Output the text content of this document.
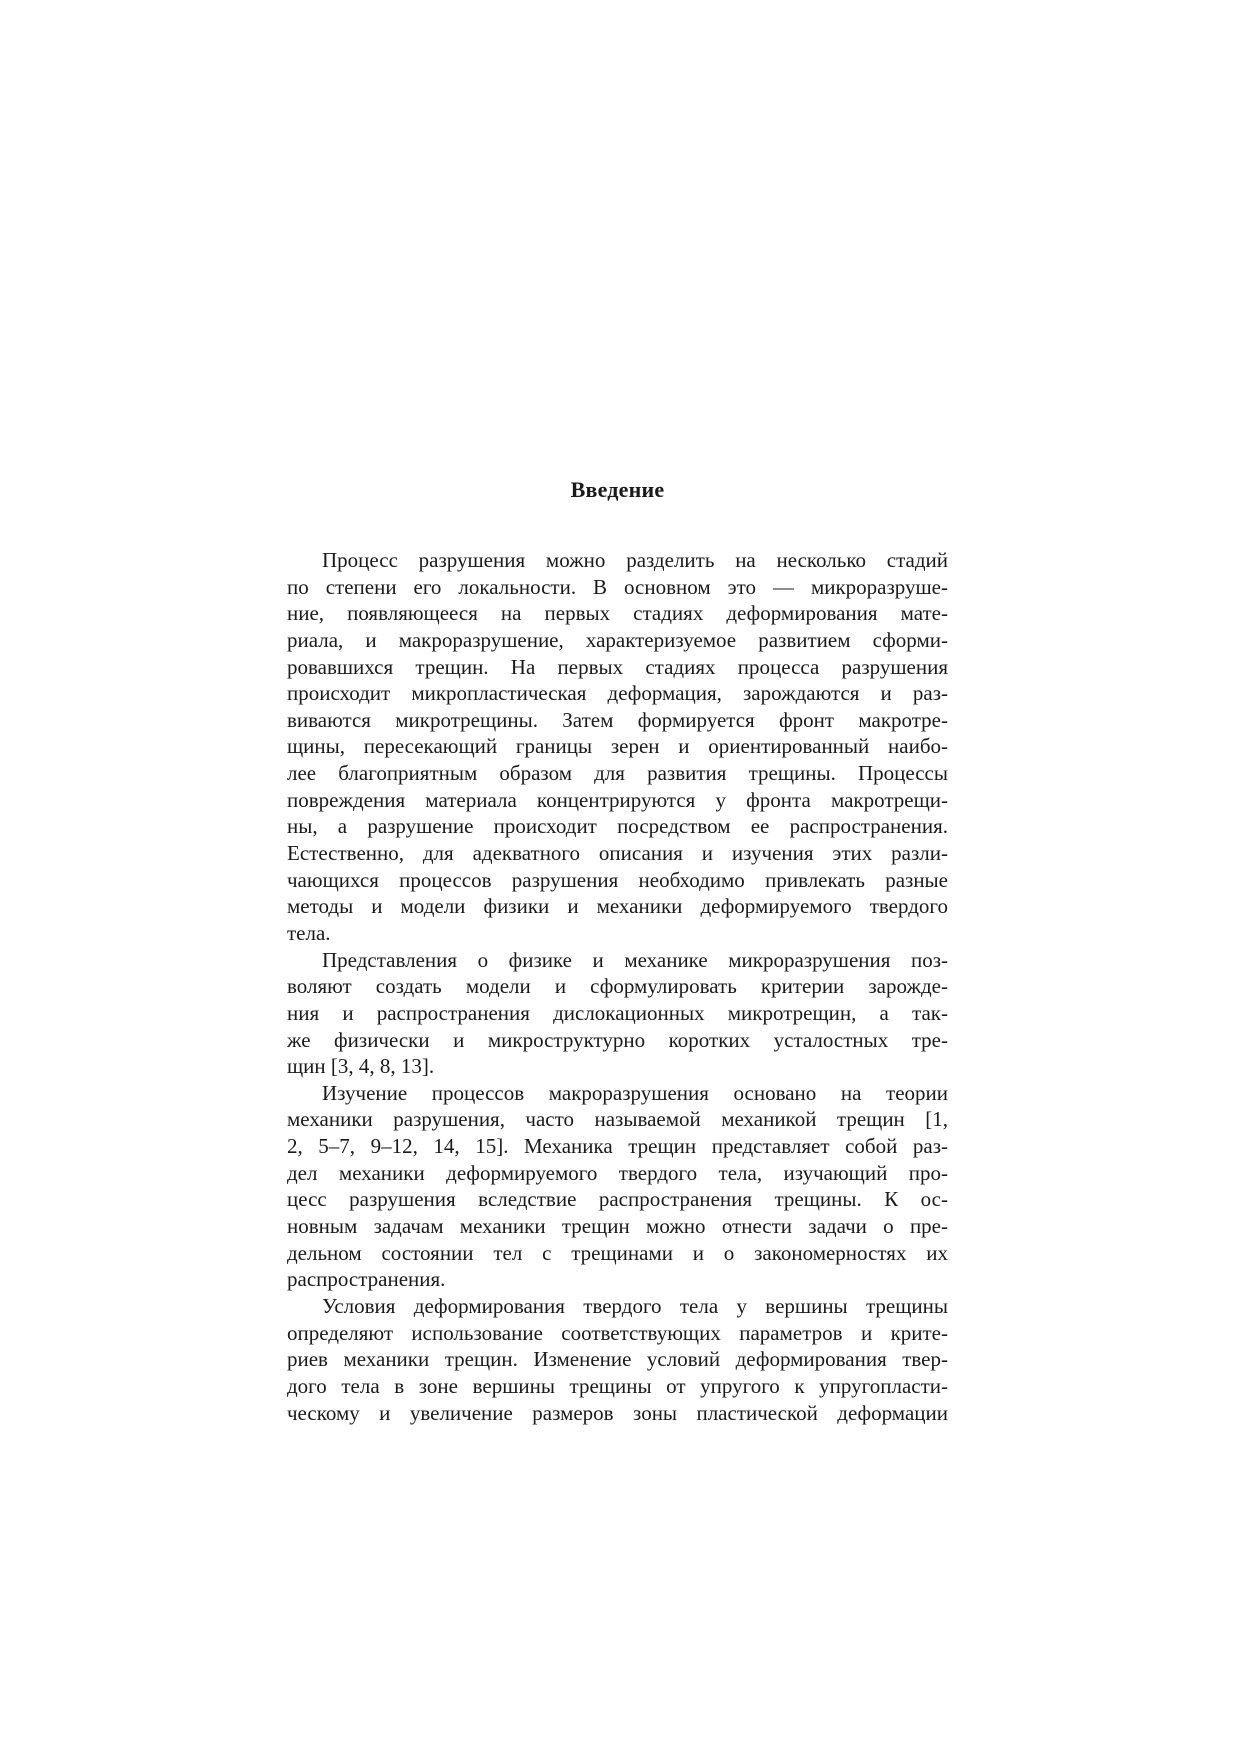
Введение
Процесс разрушения можно разделить на несколько стадий
по степени его локальности. В основном это — микроразруше-
ние, появляющееся на первых стадиях деформирования мате-
риала, и макроразрушение, характеризуемое развитием сформи-
ровавшихся трещин. На первых стадиях процесса разрушения
происходит микропластическая деформация, зарождаются и раз-
виваются микротрещины. Затем формируется фронт макротре-
щины, пересекающий границы зерен и ориентированный наибо-
лее благоприятным образом для развития трещины. Процессы
повреждения материала концентрируются у фронта макротрещи-
ны, а разрушение происходит посредством ее распространения.
Естественно, для адекватного описания и изучения этих разли-
чающихся процессов разрушения необходимо привлекать разные
методы и модели физики и механики деформируемого твердого
тела.
Представления о физике и механике микроразрушения поз-
воляют создать модели и сформулировать критерии зарожде-
ния и распространения дислокационных микротрещин, а так-
же физически и микроструктурно коротких усталостных тре-
щин [3, 4, 8, 13].
Изучение процессов макроразрушения основано на теории
механики разрушения, часто называемой механикой трещин [1,
2, 5–7, 9–12, 14, 15]. Механика трещин представляет собой раз-
дел механики деформируемого твердого тела, изучающий про-
цесс разрушения вследствие распространения трещины. К ос-
новным задачам механики трещин можно отнести задачи о пре-
дельном состоянии тел с трещинами и о закономерностях их
распространения.
Условия деформирования твердого тела у вершины трещины
определяют использование соответствующих параметров и крите-
риев механики трещин. Изменение условий деформирования твер-
дого тела в зоне вершины трещины от упругого к упругопласти-
ческому и увеличение размеров зоны пластической деформации
